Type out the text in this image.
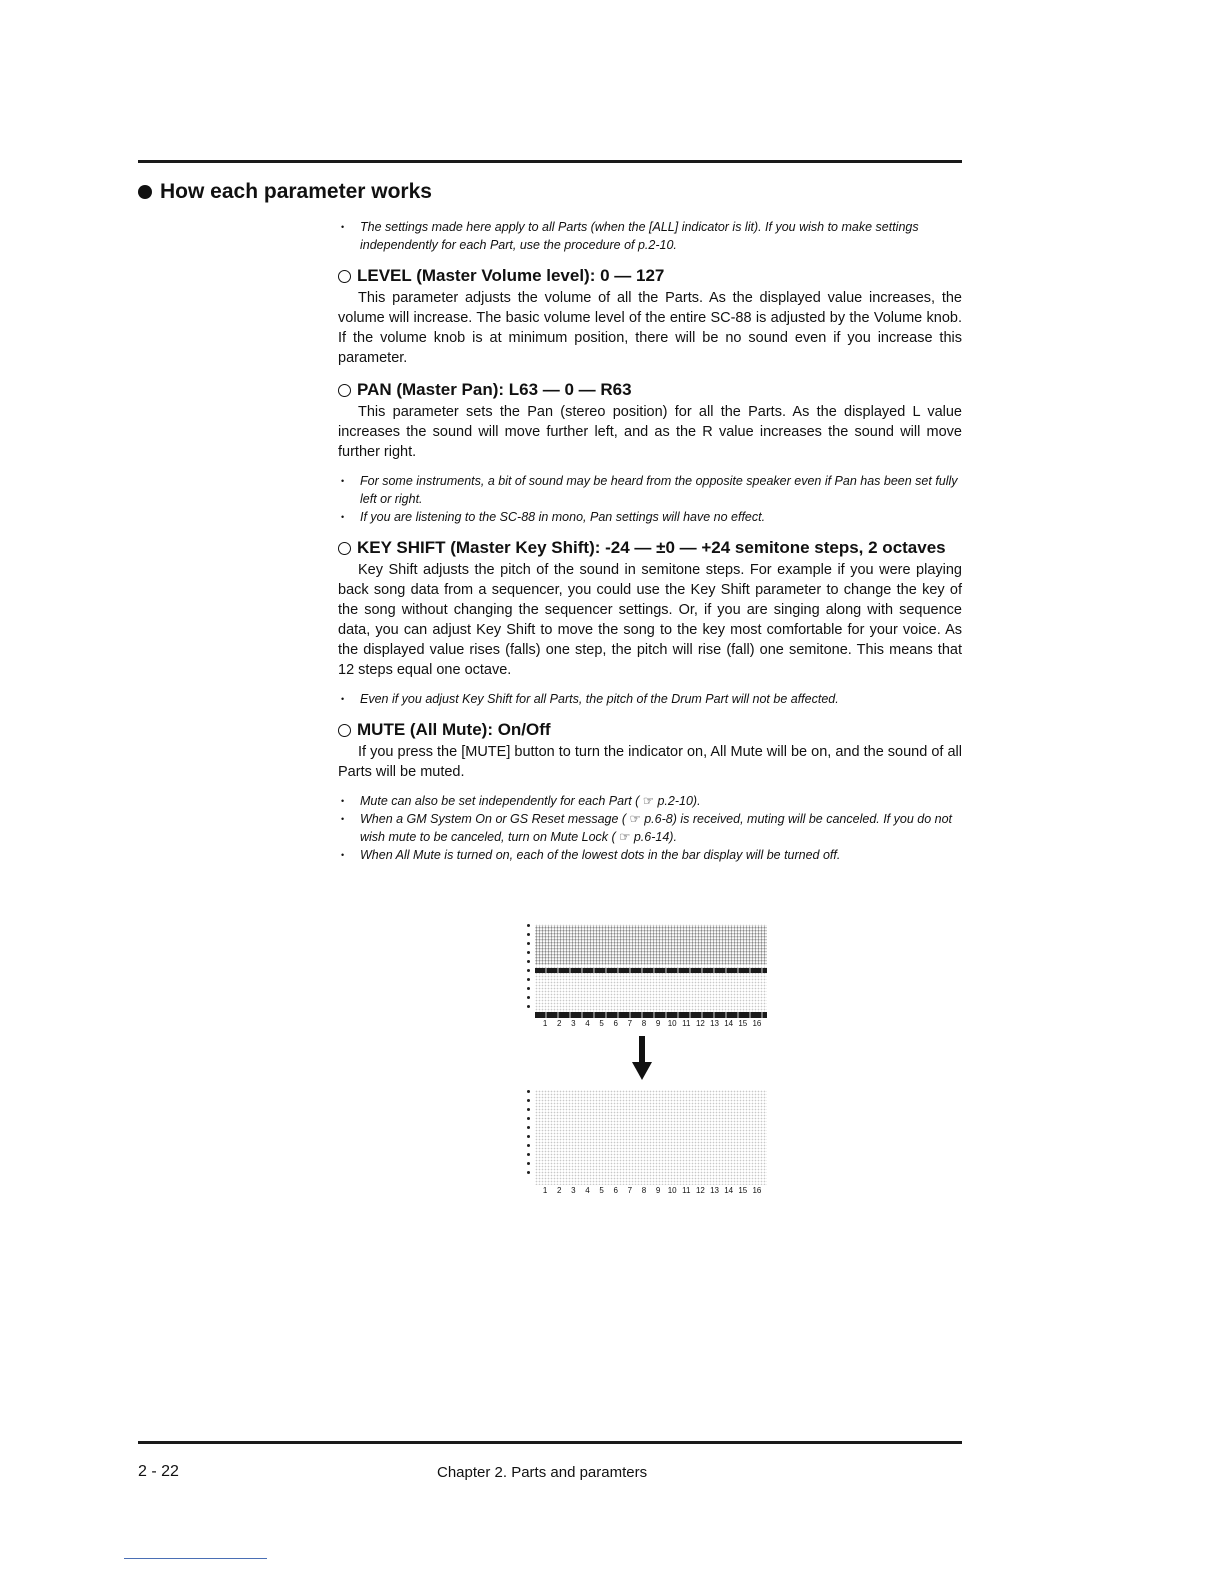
How each parameter works
• The settings made here apply to all Parts (when the [ALL] indicator is lit). If you wish to make settings independently for each Part, use the procedure of p.2-10.
LEVEL (Master Volume level): 0 — 127

This parameter adjusts the volume of all the Parts. As the displayed value increases, the volume will increase. The basic volume level of the entire SC-88 is adjusted by the Volume knob. If the volume knob is at minimum position, there will be no sound even if you increase this parameter.

PAN (Master Pan): L63 — 0 — R63

This parameter sets the Pan (stereo position) for all the Parts. As the displayed L value increases the sound will move further left, and as the R value increases the sound will move further right.

• For some instruments, a bit of sound may be heard from the opposite speaker even if Pan has been set fully left or right.
• If you are listening to the SC-88 in mono, Pan settings will have no effect.
KEY SHIFT (Master Key Shift): -24 — ±0 — +24 semitone steps, 2 octaves

Key Shift adjusts the pitch of the sound in semitone steps. For example if you were playing back song data from a sequencer, you could use the Key Shift parameter to change the key of the song without changing the sequencer settings. Or, if you are singing along with sequence data, you can adjust Key Shift to move the song to the key most comfortable for your voice. As the displayed value rises (falls) one step, the pitch will rise (fall) one semitone. This means that 12 steps equal one octave.

• Even if you adjust Key Shift for all Parts, the pitch of the Drum Part will not be affected.
MUTE (All Mute): On/Off

If you press the [MUTE] button to turn the indicator on, All Mute will be on, and the sound of all Parts will be muted.

• Mute can also be set independently for each Part ( ☞ p.2-10).
• When a GM System On or GS Reset message ( ☞ p.6-8) is received, muting will be canceled. If you do not wish mute to be canceled, turn on Mute Lock ( ☞ p.6-14).
• When All Mute is turned on, each of the lowest dots in the bar display will be turned off.
1	2	3	4	5	6	7	8	9 10 11 12 13 14 15 16
1	2	3	4	5	6	7	8	9 10 11 12 13 14 15 16
2 - 22	Chapter 2. Parts and paramters
